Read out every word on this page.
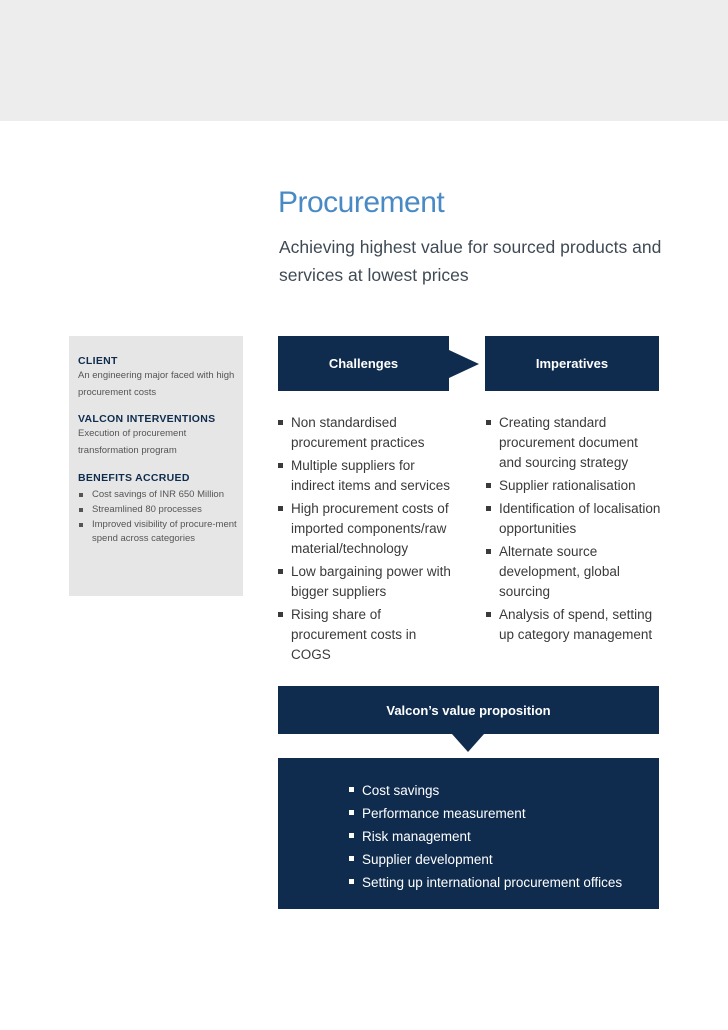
Procurement
Achieving highest value for sourced products and services at lowest prices
CLIENT
An engineering major faced with high procurement costs
VALCON INTERVENTIONS
Execution of procurement transformation program
BENEFITS ACCRUED
Cost savings of INR 650 Million
Streamlined 80 processes
Improved visibility of procure-ment spend across categories
Challenges	Imperatives
Non standardised procurement practices
Multiple suppliers for indirect items and services
High procurement costs of imported components/raw material/technology
Low bargaining power with bigger suppliers
Rising share of procurement costs in COGS
Creating standard procurement document and sourcing strategy
Supplier rationalisation
Identification of localisation opportunities
Alternate source development, global sourcing
Analysis of spend, setting up category management
Valcon’s value proposition
Cost savings
Performance measurement
Risk management
Supplier development
Setting up international procurement offices
